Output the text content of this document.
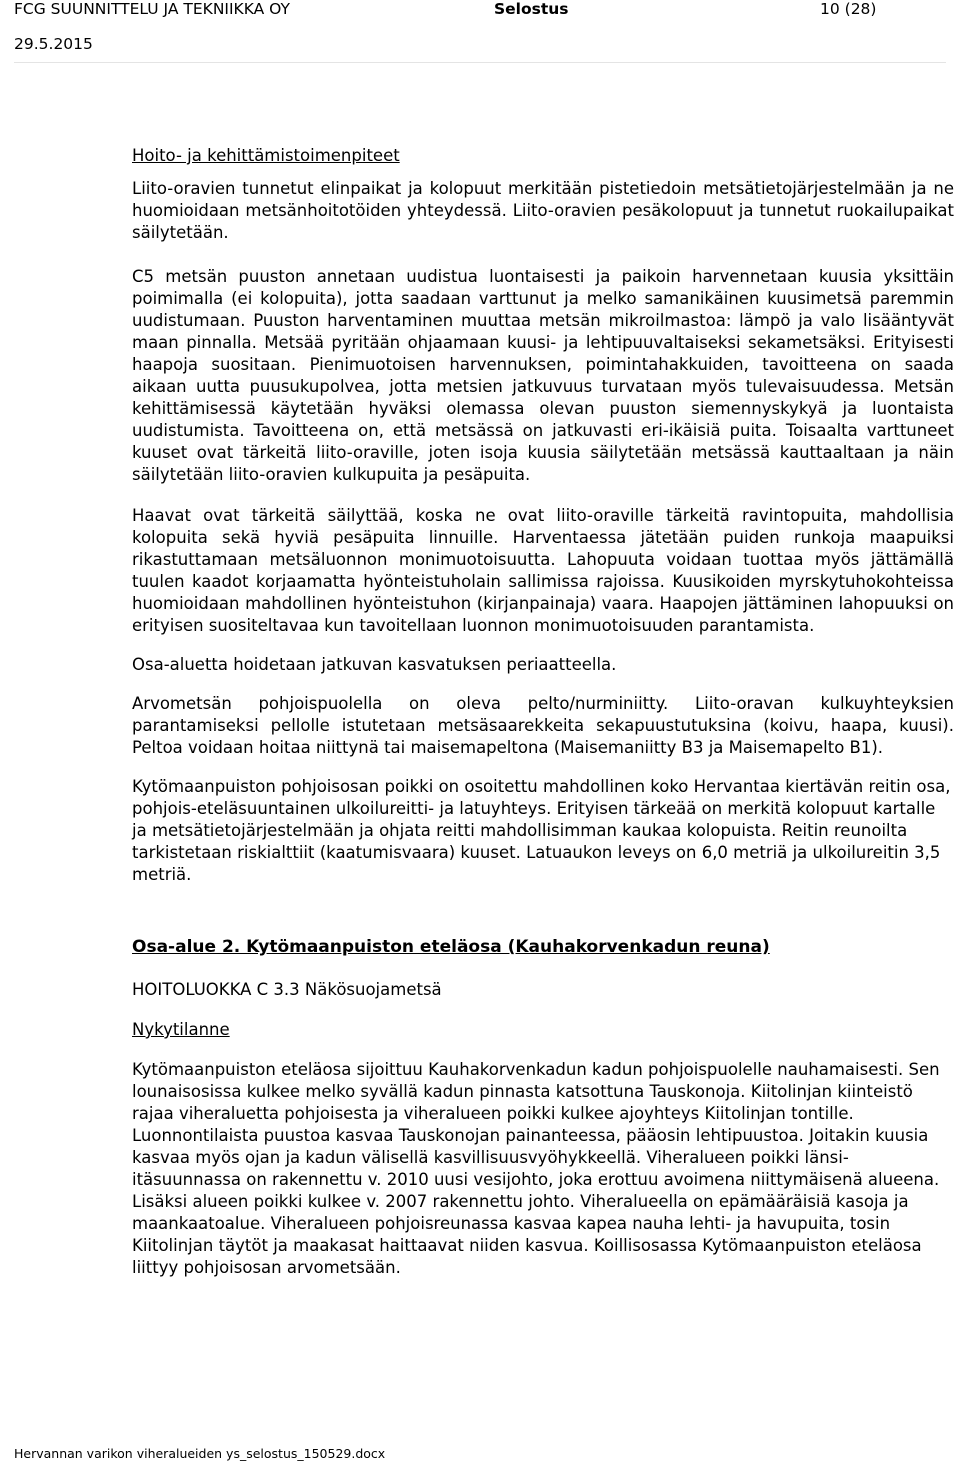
FCG SUUNNITTELU JA TEKNIIKKA OY	Selostus	10 (28)
29.5.2015
Hoito- ja kehittämistoimenpiteet

Liito-oravien tunnetut elinpaikat ja kolopuut merkitään pistetiedoin metsätietojärjestelmään ja ne huomioidaan metsänhoitotöiden yhteydessä. Liito-oravien pesäkolopuut ja tunnetut ruokailupaikat säilytetään.

C5 metsän puuston annetaan uudistua luontaisesti ja paikoin harvennetaan kuusia yksittäin poimimalla (ei kolopuita), jotta saadaan varttunut ja melko samanikäinen kuusimetsä paremmin uudistumaan. Puuston harventaminen muuttaa metsän mikroilmastoa: lämpö ja valo lisääntyvät maan pinnalla. Metsää pyritään ohjaamaan kuusi- ja lehtipuuvaltaiseksi sekametsäksi. Erityisesti haapoja suositaan. Pienimuotoisen harvennuksen, poimintahakkuiden, tavoitteena on saada aikaan uutta puusukupolvea, jotta metsien jatkuvuus turvataan myös tulevaisuudessa. Metsän kehittämisessä käytetään hyväksi olemassa olevan puuston siemennyskykyä ja luontaista uudistumista. Tavoitteena on, että metsässä on jatkuvasti eri-ikäisiä puita. Toisaalta varttuneet kuuset ovat tärkeitä liito-oraville, joten isoja kuusia säilytetään metsässä kauttaaltaan ja näin säilytetään liito-oravien kulkupuita ja pesäpuita.

Haavat ovat tärkeitä säilyttää, koska ne ovat liito-oraville tärkeitä ravintopuita, mahdollisia kolopuita sekä hyviä pesäpuita linnuille. Harventaessa jätetään puiden runkoja maapuiksi rikastuttamaan metsäluonnon monimuotoisuutta. Lahopuuta voidaan tuottaa myös jättämällä tuulen kaadot korjaamatta hyönteistuholain sallimissa rajoissa. Kuusikoiden myrskytuhokohteissa huomioidaan mahdollinen hyönteistuhon (kirjanpainaja) vaara. Haapojen jättäminen lahopuuksi on erityisen suositeltavaa kun tavoitellaan luonnon monimuotoisuuden parantamista.

Osa-aluetta hoidetaan jatkuvan kasvatuksen periaatteella.

Arvometsän pohjoispuolella on oleva pelto/nurminiitty. Liito-oravan kulkuyhteyksien parantamiseksi pellolle istutetaan metsäsaarekkeita sekapuustutuksina (koivu, haapa, kuusi). Peltoa voidaan hoitaa niittynä tai maisemapeltona (Maisemaniitty B3 ja Maisemapelto B1).

Kytömaanpuiston pohjoisosan poikki on osoitettu mahdollinen koko Hervantaa kiertävän reitin osa, pohjois-eteläsuuntainen ulkoilureitti- ja latuyhteys. Erityisen tärkeää on merkitä kolopuut kartalle ja metsätietojärjestelmään ja ohjata reitti mahdollisimman kaukaa kolopuista. Reitin reunoilta tarkistetaan riskialttiit (kaatumisvaara) kuuset. Latuaukon leveys on 6,0 metriä ja ulkoilureitin 3,5 metriä.

Osa-alue 2. Kytömaanpuiston eteläosa (Kauhakorvenkadun reuna)
HOITOLUOKKA C 3.3 Näkösuojametsä
Nykytilanne

Kytömaanpuiston eteläosa sijoittuu Kauhakorvenkadun kadun pohjoispuolelle nauhamaisesti. Sen lounaisosissa kulkee melko syvällä kadun pinnasta katsottuna Tauskonoja. Kiitolinjan kiinteistö rajaa viheraluetta pohjoisesta ja viheralueen poikki kulkee ajoyhteys Kiitolinjan tontille. Luonnontilaista puustoa kasvaa Tauskonojan painanteessa, pääosin lehtipuustoa. Joitakin kuusia kasvaa myös ojan ja kadun välisellä kasvillisuusvyöhykkeellä. Viheralueen poikki länsi-itäsuunnassa on rakennettu v. 2010 uusi vesijohto, joka erottuu avoimena niittymäisenä alueena. Lisäksi alueen poikki kulkee v. 2007 rakennettu johto. Viheralueella on epämääräisiä kasoja ja maankaatoalue. Viheralueen pohjoisreunassa kasvaa kapea nauha lehti- ja havupuita, tosin Kiitolinjan täytöt ja maakasat haittaavat niiden kasvua. Koillisosassa Kytömaanpuiston eteläosa liittyy pohjoisosan arvometsään.

Hervannan varikon viheralueiden ys_selostus_150529.docx
